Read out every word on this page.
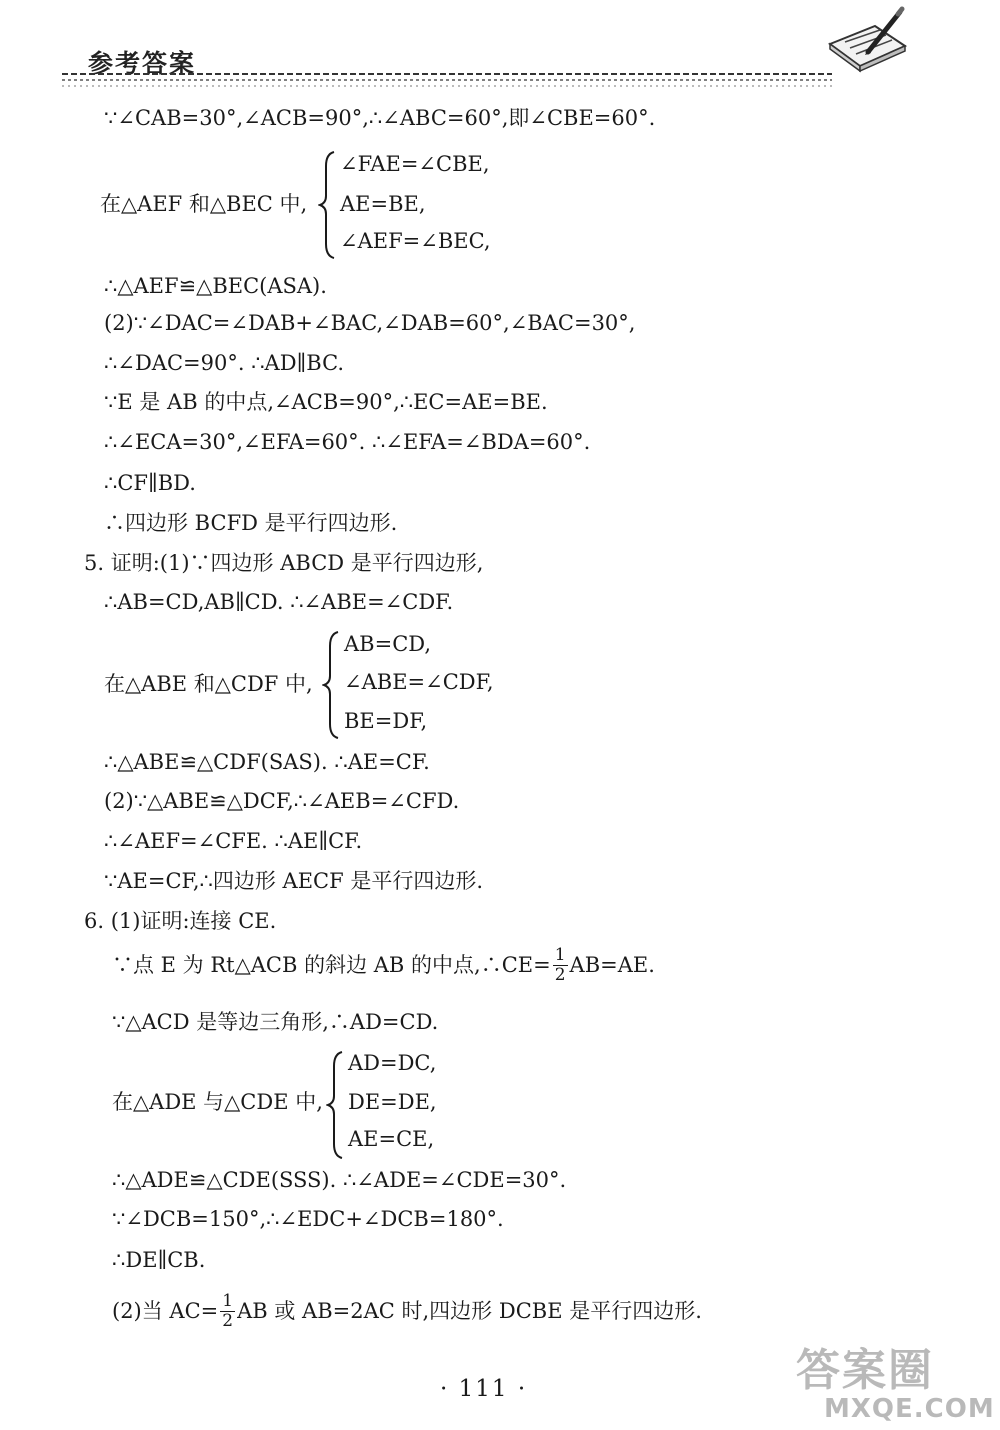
参考答案
∵∠CAB=30°,∠ACB=90°,∴∠ABC=60°,即∠CBE=60°.
在△AEF 和△BEC 中,
∠FAE=∠CBE,
AE=BE,
∠AEF=∠BEC,
∴△AEF≌△BEC(ASA).
(2)∵∠DAC=∠DAB+∠BAC,∠DAB=60°,∠BAC=30°,
∴∠DAC=90°. ∴AD∥BC.
∵E 是 AB 的中点,∠ACB=90°,∴EC=AE=BE.
∴∠ECA=30°,∠EFA=60°. ∴∠EFA=∠BDA=60°.
∴CF∥BD.
∴四边形 BCFD 是平行四边形.
5. 证明:(1)∵四边形 ABCD 是平行四边形,
∴AB=CD,AB∥CD. ∴∠ABE=∠CDF.
在△ABE 和△CDF 中,
AB=CD,
∠ABE=∠CDF,
BE=DF,
∴△ABE≌△CDF(SAS). ∴AE=CF.
(2)∵△ABE≌△DCF,∴∠AEB=∠CFD.
∴∠AEF=∠CFE. ∴AE∥CF.
∵AE=CF,∴四边形 AECF 是平行四边形.
6. (1)证明:连接 CE.
∵点 E 为 Rt△ACB 的斜边 AB 的中点,∴CE= $\frac{1}{2} AB=AE$.
∵△ACD 是等边三角形,∴AD=CD.
在△ADE 与△CDE 中,
AD=DC,
DE=DE,
AE=CE,
∴△ADE≌△CDE(SSS). ∴∠ADE=∠CDE=30°.
∵∠DCB=150°,∴∠EDC+∠DCB=180°.
∴DE∥CB.
(2)当 $AC= \frac{1}{2}$ AB 或 AB=2AC 时,四边形 DCBE 是平行四边形.
· 111 ·	答案圈
MXQE.COM
